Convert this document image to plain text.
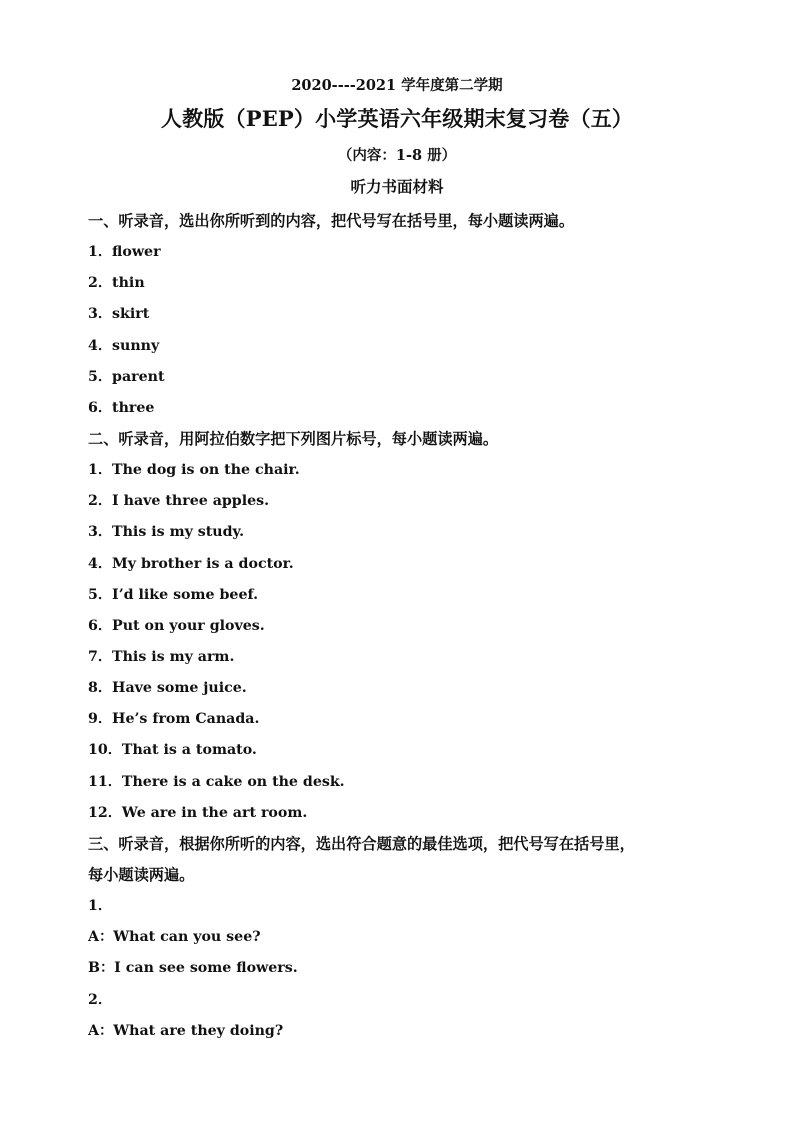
2020----2021 学年度第二学期
人教版（PEP）小学英语六年级期末复习卷（五）
（内容：1-8 册）
听力书面材料
一、听录音，选出你所听到的内容，把代号写在括号里，每小题读两遍。
1．flower
2．thin
3．skirt
4．sunny
5．parent
6．three
二、听录音，用阿拉伯数字把下列图片标号，每小题读两遍。
1．The dog is on the chair.
2．I have three apples.
3．This is my study.
4．My brother is a doctor.
5．I’d like some beef.
6．Put on your gloves.
7．This is my arm.
8．Have some juice.
9．He’s from Canada.
10．That is a tomato.
11．There is a cake on the desk.
12．We are in the art room.
三、听录音，根据你所听的内容，选出符合题意的最佳选项，把代号写在括号里，
每小题读两遍。
1．
A：What can you see?
B：I can see some flowers.
2．
A：What are they doing?
